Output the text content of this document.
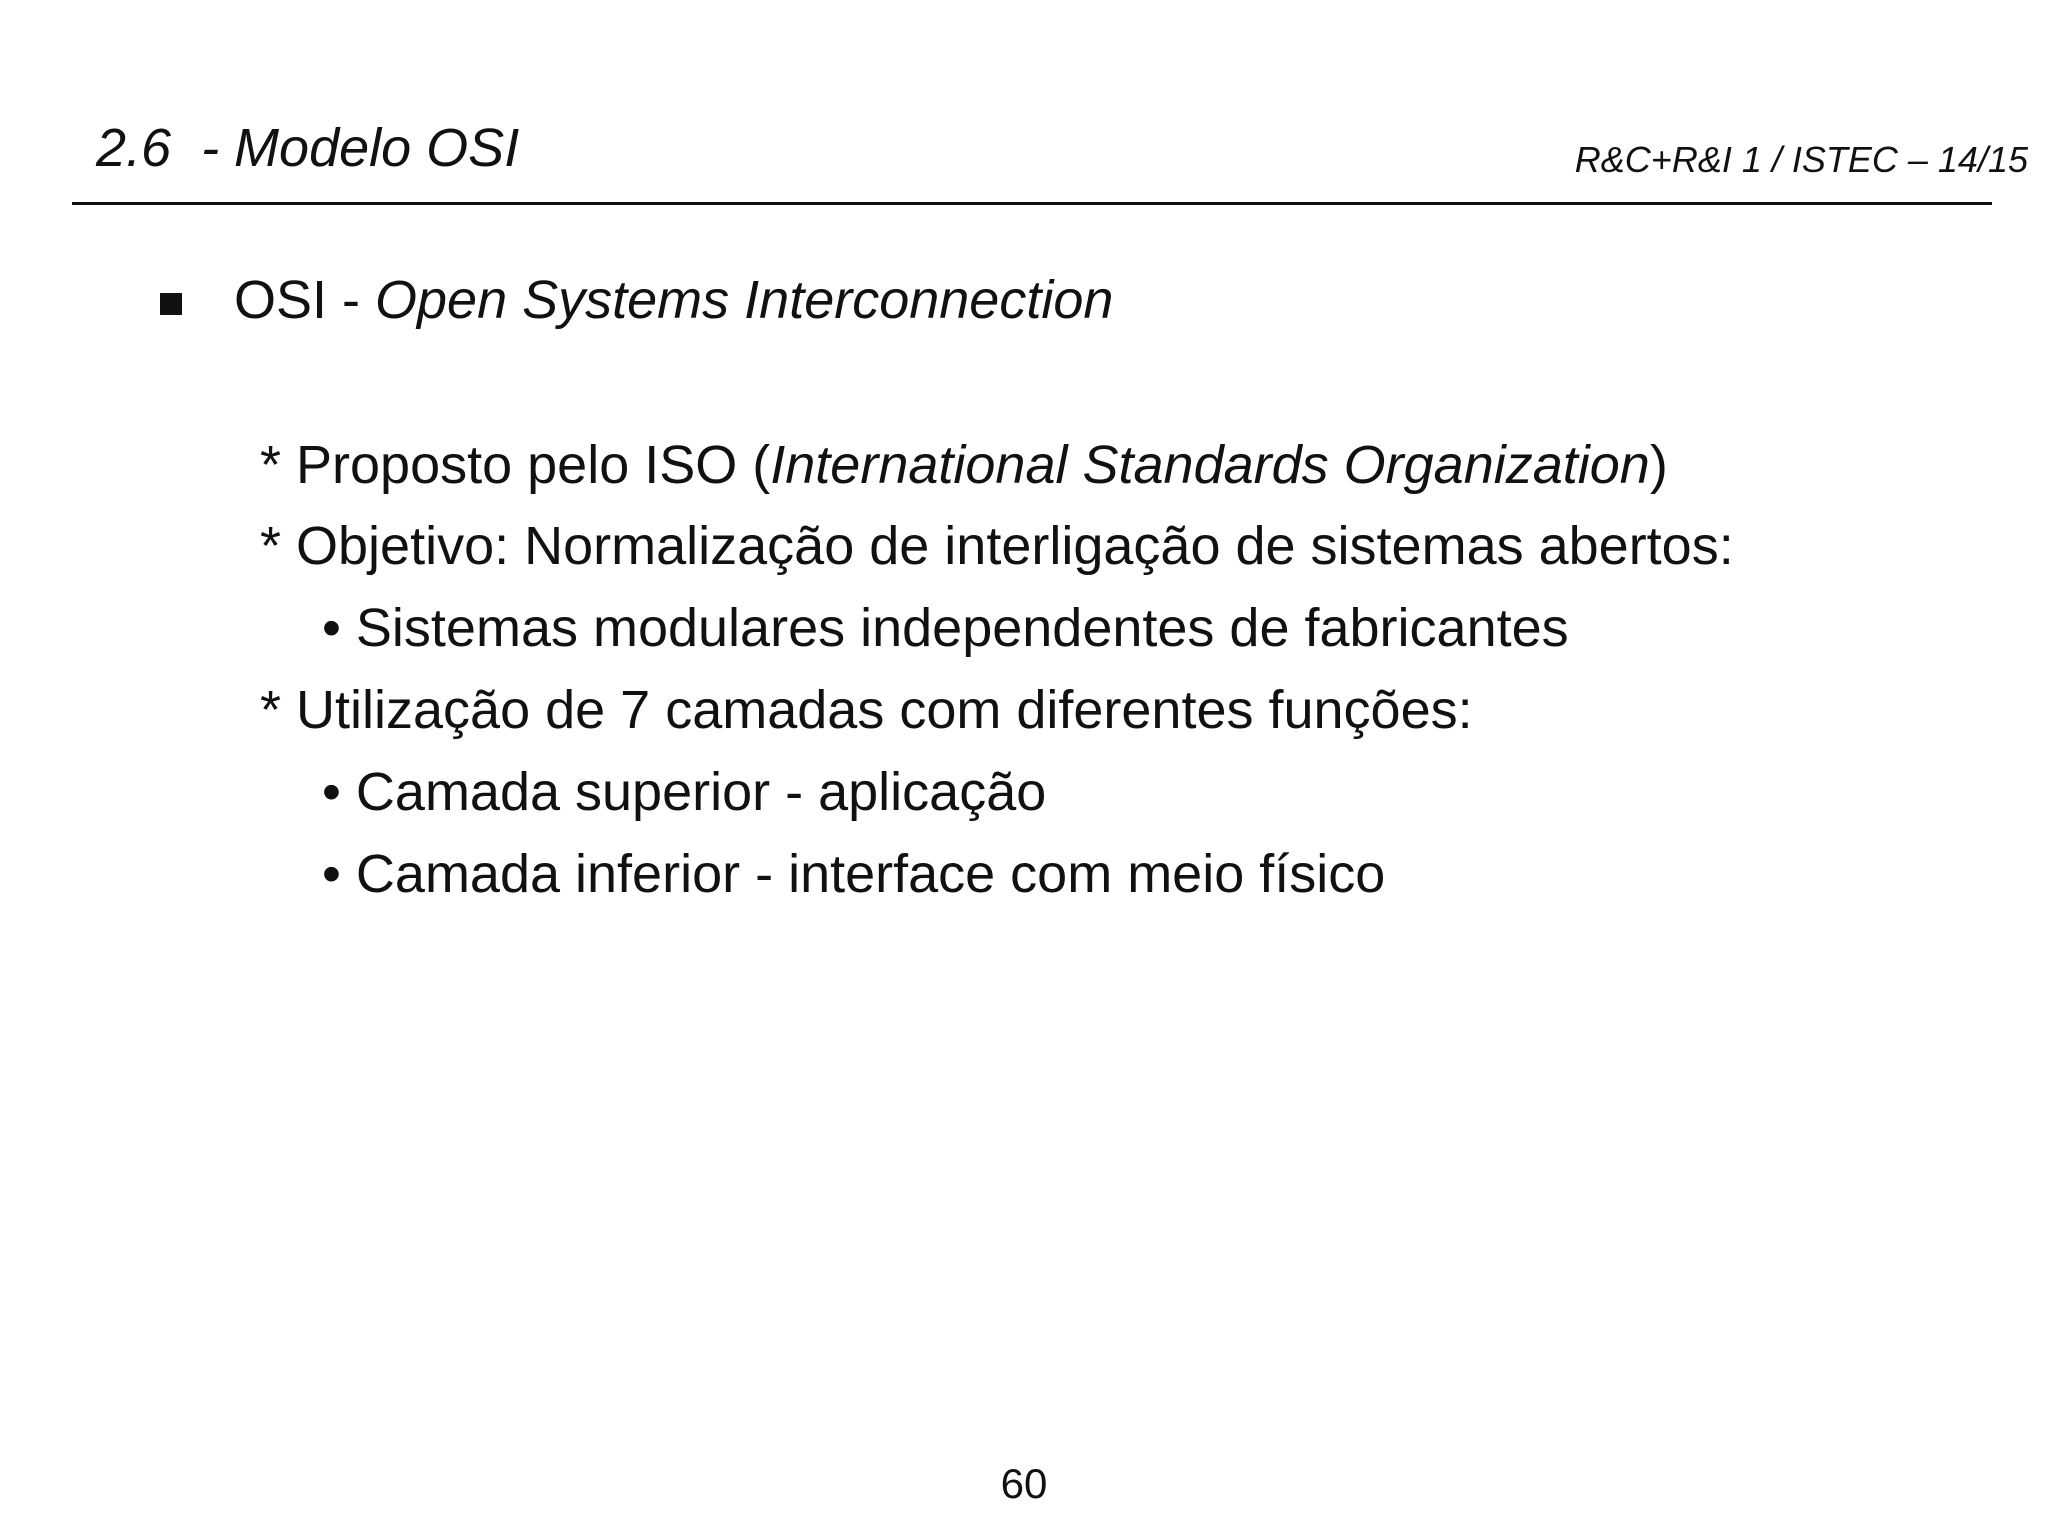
2.6  - Modelo OSI	R&C+R&I 1 / ISTEC – 14/15
OSI - Open Systems Interconnection
* Proposto pelo ISO (International Standards Organization)
* Objetivo: Normalização de interligação de sistemas abertos:
• Sistemas modulares independentes de fabricantes
* Utilização de 7 camadas com diferentes funções:
• Camada superior - aplicação
• Camada inferior - interface com meio físico
60
